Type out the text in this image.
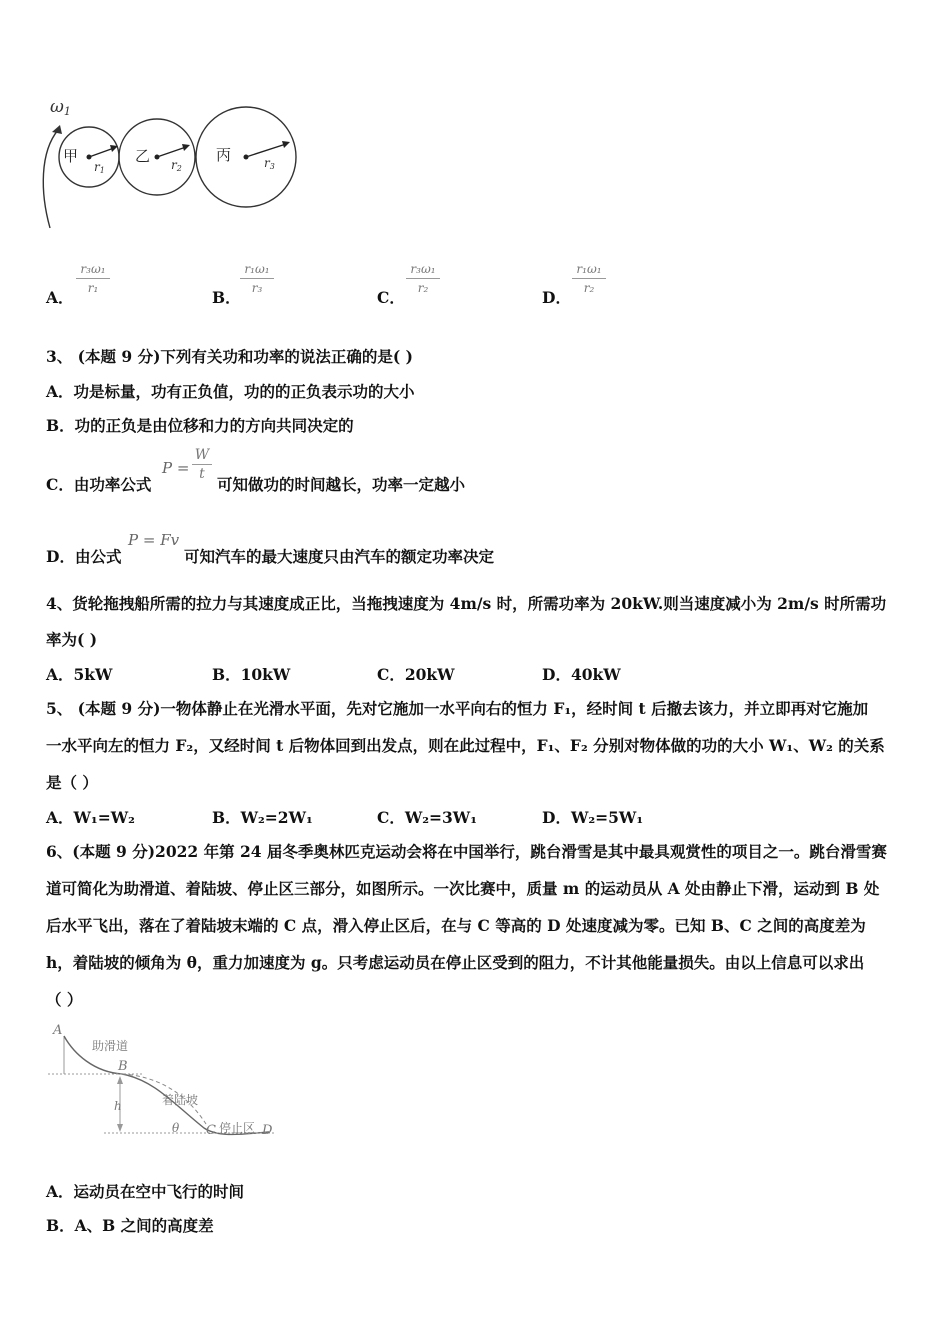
ω1
甲
r1
乙 r2
丙	r3
A．
r₃ω₁
r₁	B．
r₁ω₁
r₃	C．
r₃ω₁
r₂	D．
r₁ω₁
r₂
3、 (本题 9 分)下列有关功和功率的说法正确的是( )
A．功是标量，功有正负值，功的的正负表示功的大小
B．功的正负是由位移和力的方向共同决定的
C．由功率公式
P =
W
t
可知做功的时间越长，功率一定越小
D．由公式
P = Fv
可知汽车的最大速度只由汽车的额定功率决定
4、货轮拖拽船所需的拉力与其速度成正比，当拖拽速度为 4m/s 时，所需功率为 20kW.则当速度减小为 2m/s 时所需功
率为( )
A．5kW	B．10kW	C．20kW	D．40kW
5、 (本题 9 分)一物体静止在光滑水平面，先对它施加一水平向右的恒力 F₁，经时间 t 后撤去该力，并立即再对它施加
一水平向左的恒力 F₂，又经时间 t 后物体回到出发点，则在此过程中，F₁、F₂ 分别对物体做的功的大小 W₁、W₂ 的关系
是（ ）
A．W₁=W₂	B．W₂=2W₁	C．W₂=3W₁	D．W₂=5W₁
6、(本题 9 分)2022 年第 24 届冬季奥林匹克运动会将在中国举行，跳台滑雪是其中最具观赏性的项目之一。跳台滑雪赛
道可简化为助滑道、着陆坡、停止区三部分，如图所示。一次比赛中，质量 m 的运动员从 A 处由静止下滑，运动到 B 处
后水平飞出，落在了着陆坡末端的 C 点，滑入停止区后，在与 C 等高的 D 处速度减为零。已知 B、C 之间的高度差为
h，着陆坡的倾角为 θ，重力加速度为 g。只考虑运动员在停止区受到的阻力，不计其他能量损失。由以上信息可以求出
（ ）
A
助滑道
B
着陆坡
h
θ C 停止区 D
A．运动员在空中飞行的时间
B．A、B 之间的高度差
